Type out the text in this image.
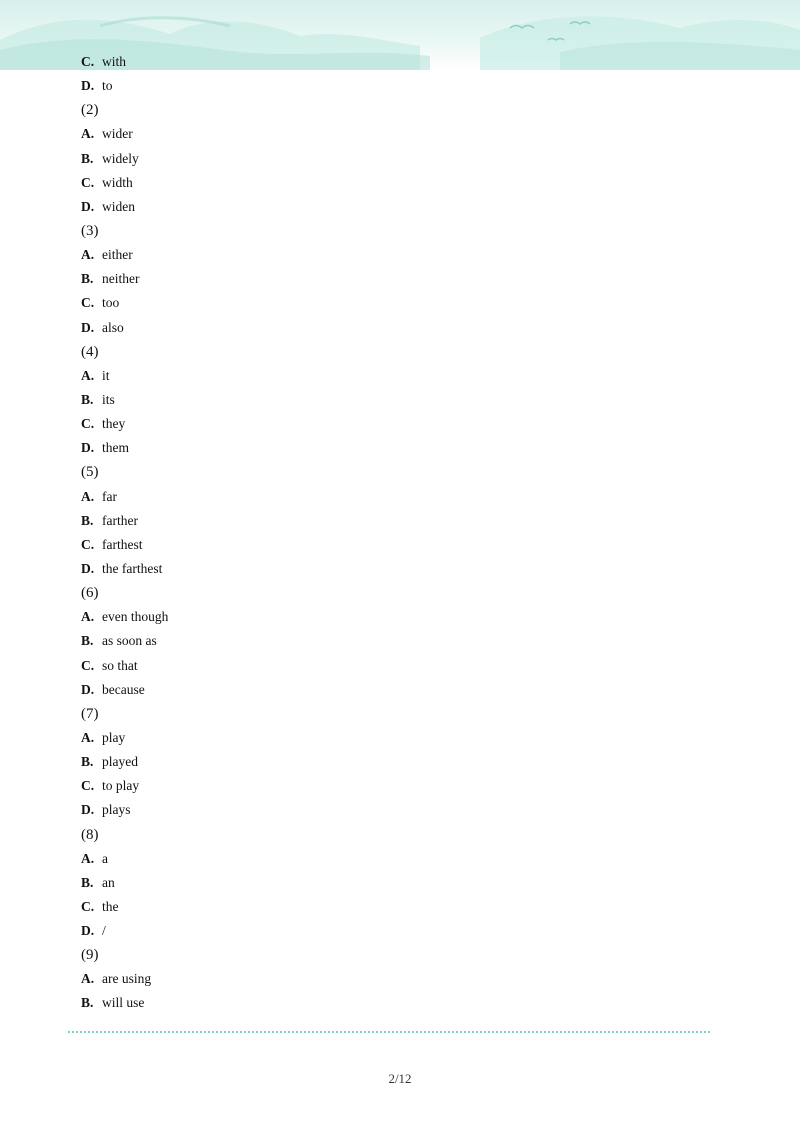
C. with
D. to
(2)
A. wider
B. widely
C. width
D. widen
(3)
A. either
B. neither
C. too
D. also
(4)
A. it
B. its
C. they
D. them
(5)
A. far
B. farther
C. farthest
D. the farthest
(6)
A. even though
B. as soon as
C. so that
D. because
(7)
A. play
B. played
C. to play
D. plays
(8)
A. a
B. an
C. the
D. /
(9)
A. are using
B. will use
2/12
